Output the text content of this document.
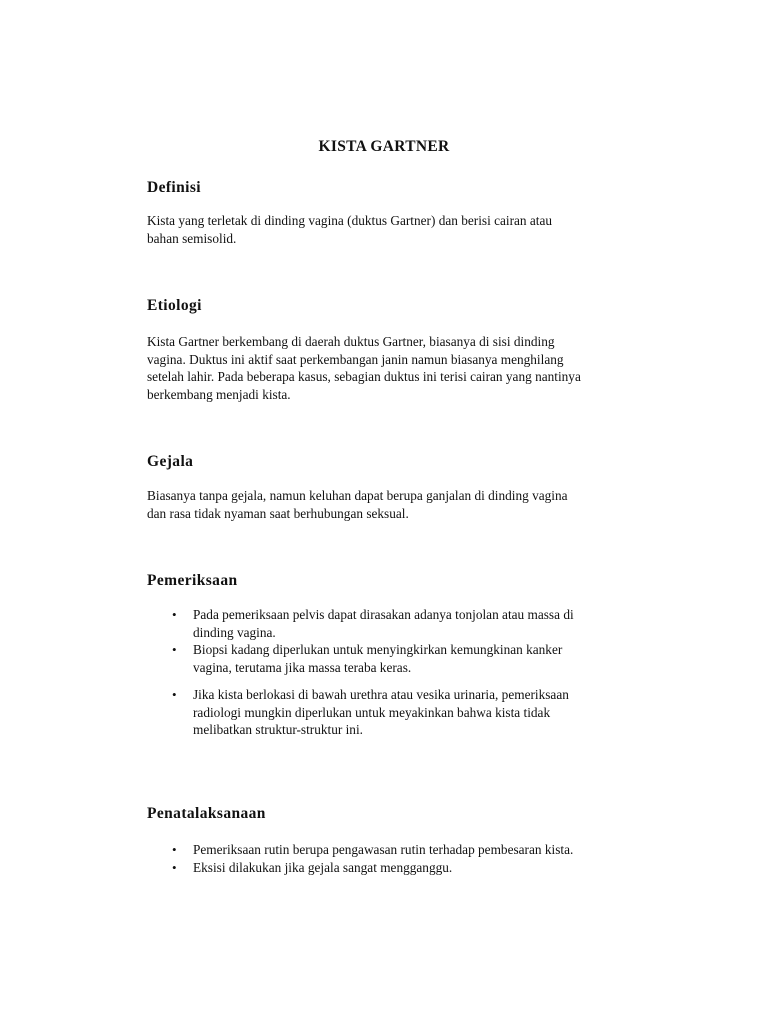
KISTA GARTNER
Definisi
Kista yang terletak di dinding vagina (duktus Gartner) dan berisi cairan atau
bahan semisolid.
Etiologi
Kista Gartner berkembang di daerah duktus Gartner, biasanya di sisi dinding
vagina. Duktus ini aktif saat perkembangan janin namun biasanya menghilang
setelah lahir. Pada beberapa kasus, sebagian duktus ini terisi cairan yang nantinya
berkembang menjadi kista.
Gejala
Biasanya tanpa gejala, namun keluhan dapat berupa ganjalan di dinding vagina
dan rasa tidak nyaman saat berhubungan seksual.
Pemeriksaan
• Pada pemeriksaan pelvis dapat dirasakan adanya tonjolan atau massa di
dinding vagina.
• Biopsi kadang diperlukan untuk menyingkirkan kemungkinan kanker
vagina, terutama jika massa teraba keras.
• Jika kista berlokasi di bawah urethra atau vesika urinaria, pemeriksaan
radiologi mungkin diperlukan untuk meyakinkan bahwa kista tidak
melibatkan struktur-struktur ini.
Penatalaksanaan
• Pemeriksaan rutin berupa pengawasan rutin terhadap pembesaran kista.
• Eksisi dilakukan jika gejala sangat mengganggu.
